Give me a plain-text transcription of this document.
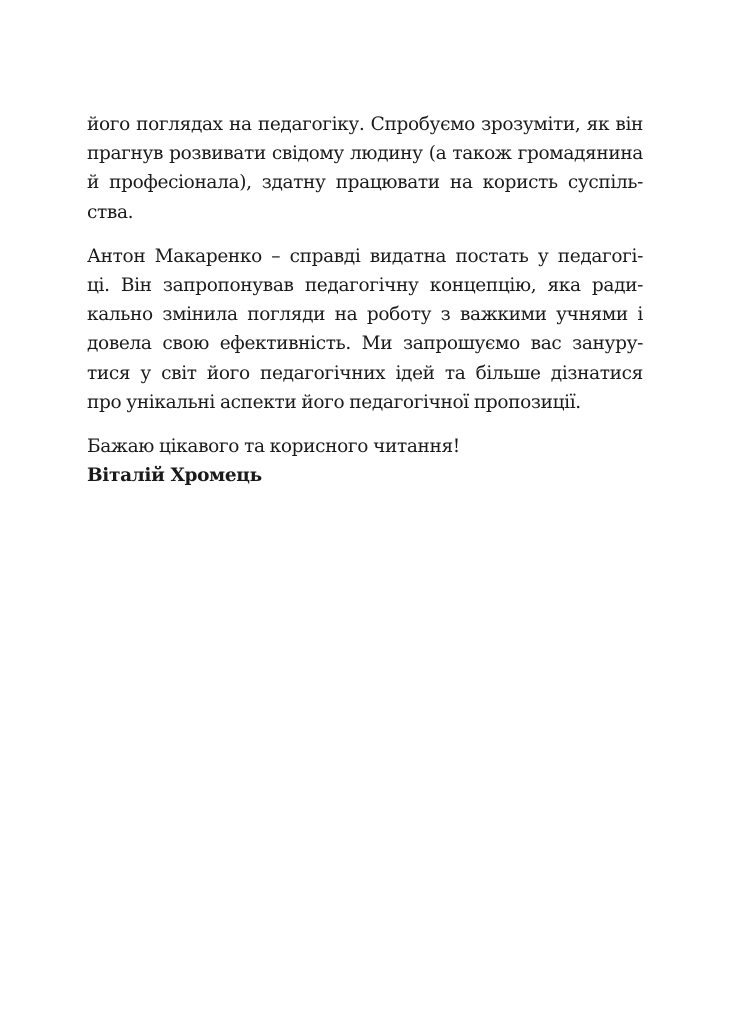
його поглядах на педагогіку. Спробуємо зрозуміти, як він
прагнув розвивати свідому людину (а також громадянина
й професіонала), здатну працювати на користь суспіль-
ства.
Антон Макаренко – справді видатна постать у педагогі-
ці. Він запропонував педагогічну концепцію, яка ради-
кально змінила погляди на роботу з важкими учнями і
довела свою ефективність. Ми запрошуємо вас зануру-
тися у світ його педагогічних ідей та більше дізнатися
про унікальні аспекти його педагогічної пропозиції.
Бажаю цікавого та корисного читання!
Віталій Хромець
